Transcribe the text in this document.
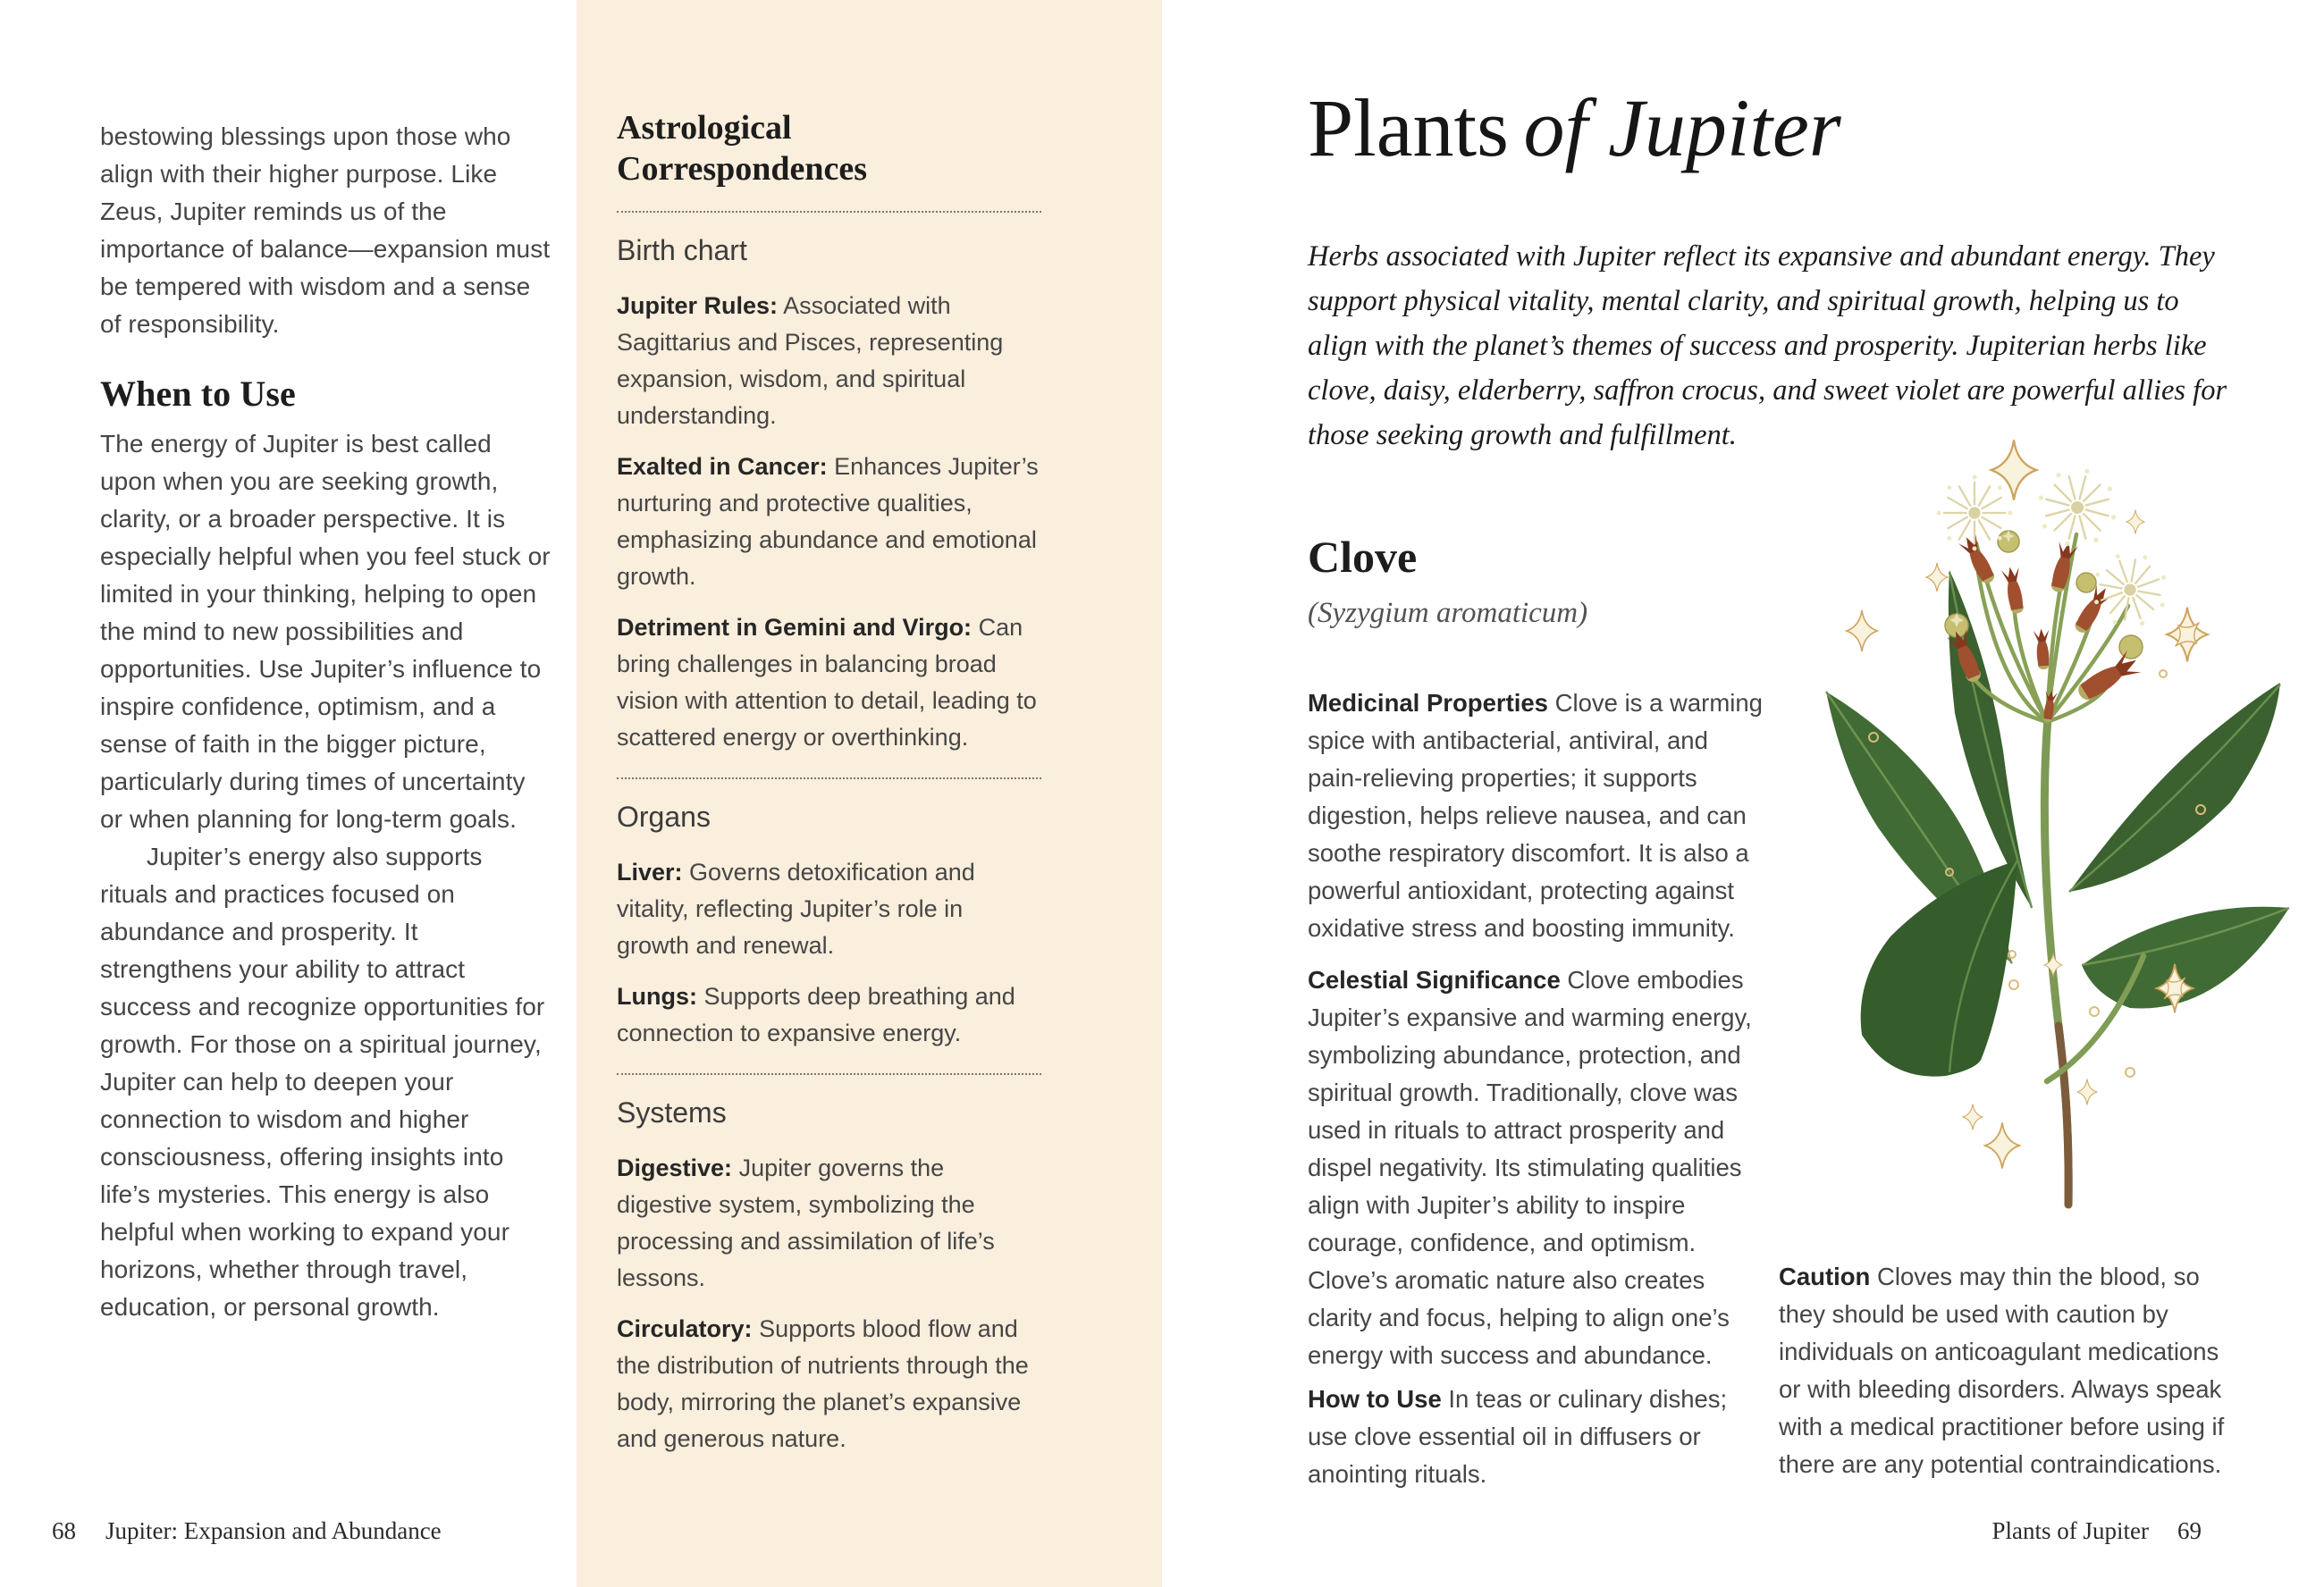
bestowing blessings upon those who align with their higher purpose. Like Zeus, Jupiter reminds us of the importance of balance—expansion must be tempered with wisdom and a sense of responsibility.

When to Use

The energy of Jupiter is best called upon when you are seeking growth, clarity, or a broader perspective. It is especially helpful when you feel stuck or limited in your thinking, helping to open the mind to new possibilities and opportunities. Use Jupiter’s influence to inspire confidence, optimism, and a sense of faith in the bigger picture, particularly during times of uncertainty or when planning for long-term goals.

Jupiter’s energy also supports rituals and practices focused on abundance and prosperity. It strengthens your ability to attract success and recognize opportunities for growth. For those on a spiritual journey, Jupiter can help to deepen your connection to wisdom and higher consciousness, offering insights into life’s mysteries. This energy is also helpful when working to expand your horizons, whether through travel, education, or personal growth.

68 Jupiter: Expansion and Abundance
Astrological Correspondences
Birth chart

Jupiter Rules: Associated with Sagittarius and Pisces, representing expansion, wisdom, and spiritual understanding.

Exalted in Cancer: Enhances Jupiter’s nurturing and protective qualities, emphasizing abundance and emotional growth.

Detriment in Gemini and Virgo: Can bring challenges in balancing broad vision with attention to detail, leading to scattered energy or overthinking.

Organs

Liver: Governs detoxification and vitality, reflecting Jupiter’s role in growth and renewal.

Lungs: Supports deep breathing and connection to expansive energy.

Systems

Digestive: Jupiter governs the digestive system, symbolizing the processing and assimilation of life’s lessons.

Circulatory: Supports blood flow and the distribution of nutrients through the body, mirroring the planet’s expansive and generous nature.

Plants of Jupiter

Herbs associated with Jupiter reflect its expansive and abundant energy. They support physical vitality, mental clarity, and spiritual growth, helping us to align with the planet’s themes of success and prosperity. Jupiterian herbs like clove, daisy, elderberry, saffron crocus, and sweet violet are powerful allies for those seeking growth and fulfillment.

Clove

(Syzygium aromaticum)

Medicinal Properties Clove is a warming spice with antibacterial, antiviral, and pain-relieving properties; it supports digestion, helps relieve nausea, and can soothe respiratory discomfort. It is also a powerful antioxidant, protecting against oxidative stress and boosting immunity.

Celestial Significance Clove embodies Jupiter’s expansive and warming energy, symbolizing abundance, protection, and spiritual growth. Traditionally, clove was used in rituals to attract prosperity and dispel negativity. Its stimulating qualities align with Jupiter’s ability to inspire courage, confidence, and optimism. Clove’s aromatic nature also creates clarity and focus, helping to align one’s energy with success and abundance.

How to Use In teas or culinary dishes; use clove essential oil in diffusers or anointing rituals.

Caution Cloves may thin the blood, so they should be used with caution by individuals on anticoagulant medications or with bleeding disorders. Always speak with a medical practitioner before using if there are any potential contraindications.

Plants of Jupiter 69
